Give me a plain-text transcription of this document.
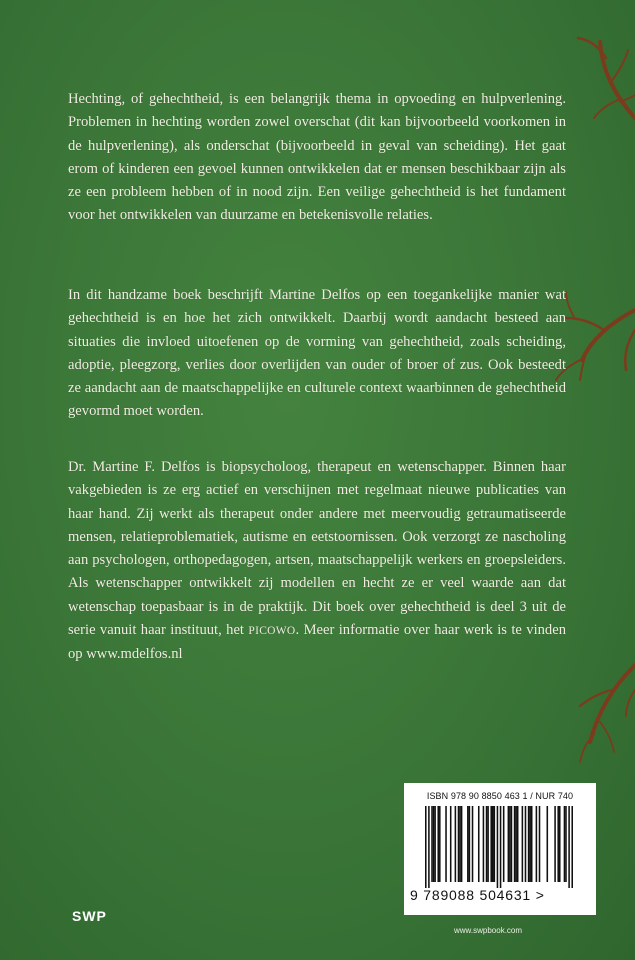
Hechting, of gehechtheid, is een belangrijk thema in opvoeding en hulpverlening. Problemen in hechting worden zowel overschat (dit kan bijvoorbeeld voorkomen in de hulpverlening), als onderschat (bijvoorbeeld in geval van scheiding). Het gaat erom of kinderen een gevoel kunnen ontwikkelen dat er mensen beschikbaar zijn als ze een probleem hebben of in nood zijn. Een veilige gehechtheid is het fundament voor het ontwikkelen van duurzame en betekenisvolle relaties.

In dit handzame boek beschrijft Martine Delfos op een toegankelijke manier wat gehechtheid is en hoe het zich ontwikkelt. Daarbij wordt aandacht besteed aan situaties die invloed uitoefenen op de vorming van gehechtheid, zoals scheiding, adoptie, pleegzorg, verlies door overlijden van ouder of broer of zus. Ook besteedt ze aandacht aan de maatschappelijke en culturele context waarbinnen de gehechtheid gevormd moet worden.

Dr. Martine F. Delfos is biopsycholoog, therapeut en wetenschapper. Binnen haar vakgebieden is ze erg actief en verschijnen met regelmaat nieuwe publicaties van haar hand. Zij werkt als therapeut onder andere met meervoudig getraumatiseerde mensen, relatieproblematiek, autisme en eetstoornissen. Ook verzorgt ze nascholing aan psychologen, orthopedagogen, artsen, maatschappelijk werkers en groepsleiders. Als wetenschapper ontwikkelt zij modellen en hecht ze er veel waarde aan dat wetenschap toepasbaar is in de praktijk. Dit boek over gehechtheid is deel 3 uit de serie vanuit haar instituut, het PICOWO. Meer informatie over haar werk is te vinden op www.mdelfos.nl

ISBN 978 90 8850 463 1 / NUR 740
9 789088 504631 >
SWP
www.swpbook.com
